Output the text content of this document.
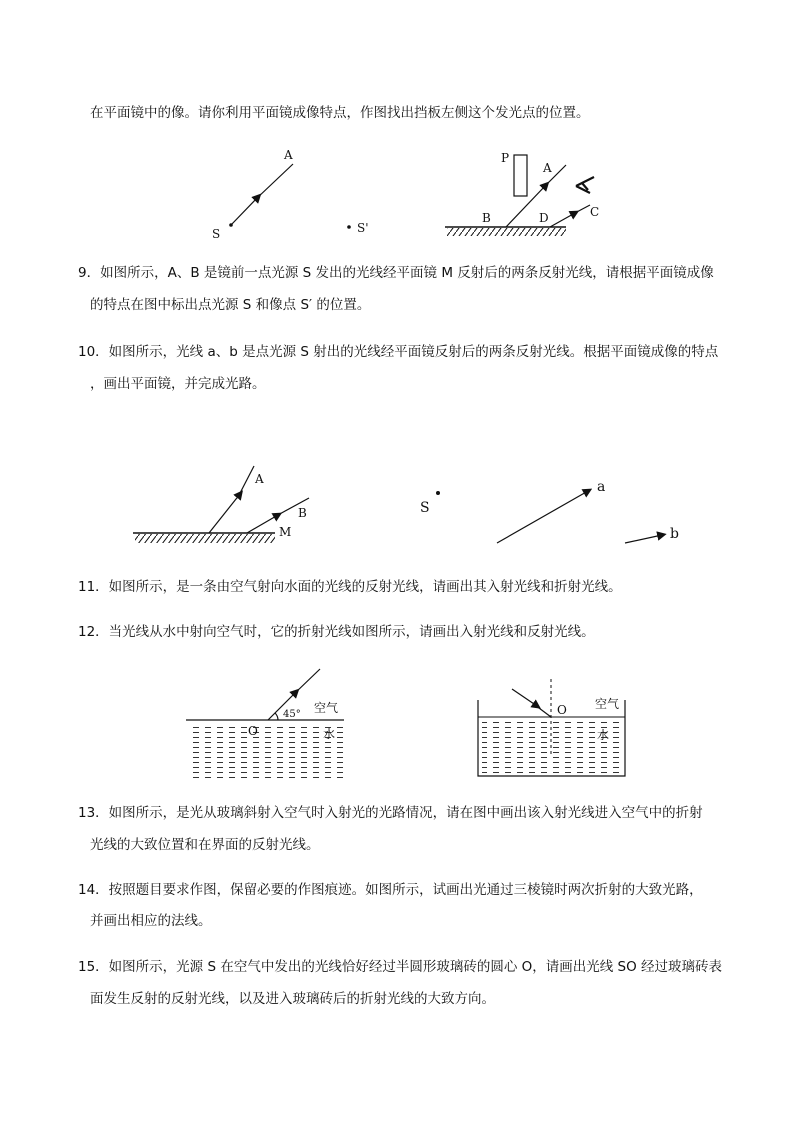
在平面镜中的像。请你利用平面镜成像特点，作图找出挡板左侧这个发光点的位置。
9．如图所示，A、B 是镜前一点光源 S 发出的光线经平面镜 M 反射后的两条反射光线，请根据平面镜成像
的特点在图中标出点光源 S 和像点 S′ 的位置。
10．如图所示，光线 a、b 是点光源 S 射出的光线经平面镜反射后的两条反射光线。根据平面镜成像的特点
，画出平面镜，并完成光路。
11．如图所示，是一条由空气射向水面的光线的反射光线，请画出其入射光线和折射光线。
12．当光线从水中射向空气时，它的折射光线如图所示，请画出入射光线和反射光线。
13．如图所示，是光从玻璃斜射入空气时入射光的光路情况，请在图中画出该入射光线进入空气中的折射
光线的大致位置和在界面的反射光线。
14．按照题目要求作图，保留必要的作图痕迹。如图所示，试画出光通过三棱镜时两次折射的大致光路，
并画出相应的法线。
15．如图所示，光源 S 在空气中发出的光线恰好经过半圆形玻璃砖的圆心 O，请画出光线 SO 经过玻璃砖表
面发生反射的反射光线，以及进入玻璃砖后的折射光线的大致方向。
A
S	S'
P
A
B	D	C
A
B
M
S
a
b
45°
O
空气
水
O 空气
水
